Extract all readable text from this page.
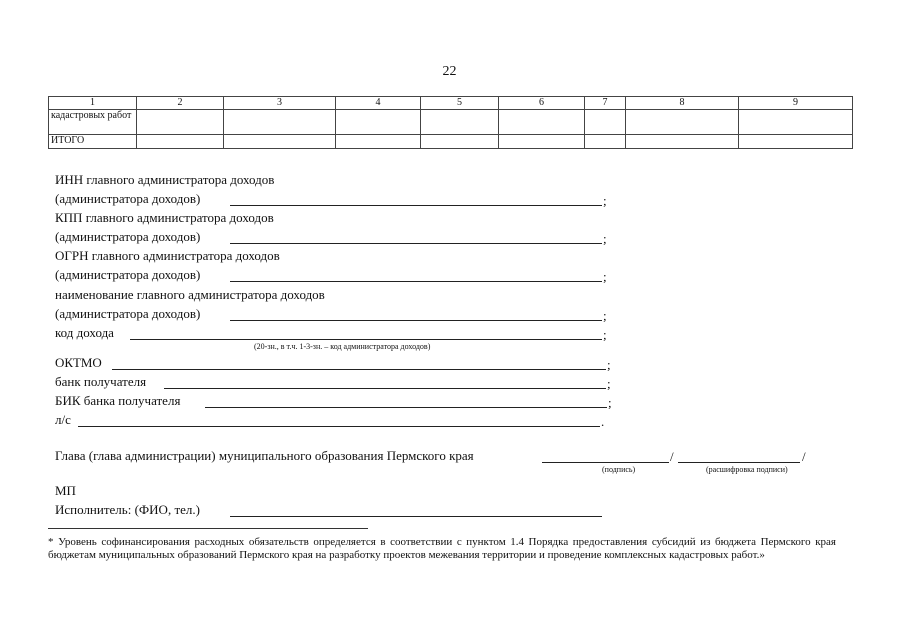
22
1	2	3	4	5	6	7	8	9
кадастровых работ								
ИТОГО								
ИНН главного администратора доходов
(администратора доходов)	;
КПП главного администратора доходов
(администратора доходов)	;
ОГРН главного администратора доходов
(администратора доходов)	;
наименование главного администратора доходов
(администратора доходов)	;
код дохода	;
(20-зн., в т.ч. 1-3-зн. – код администратора доходов)
ОКТМО	;
банк получателя	;
БИК банка получателя	;
л/с	.
Глава (глава администрации) муниципального образования Пермского края	/	/
(подпись)	(расшифровка подписи)
МП
Исполнитель: (ФИО, тел.)
* Уровень софинансирования расходных обязательств определяется в соответствии с пунктом 1.4 Порядка предоставления субсидий из бюджета Пермского края бюджетам муниципальных образований Пермского края на разработку проектов межевания территории и проведение комплексных кадастровых работ.»
